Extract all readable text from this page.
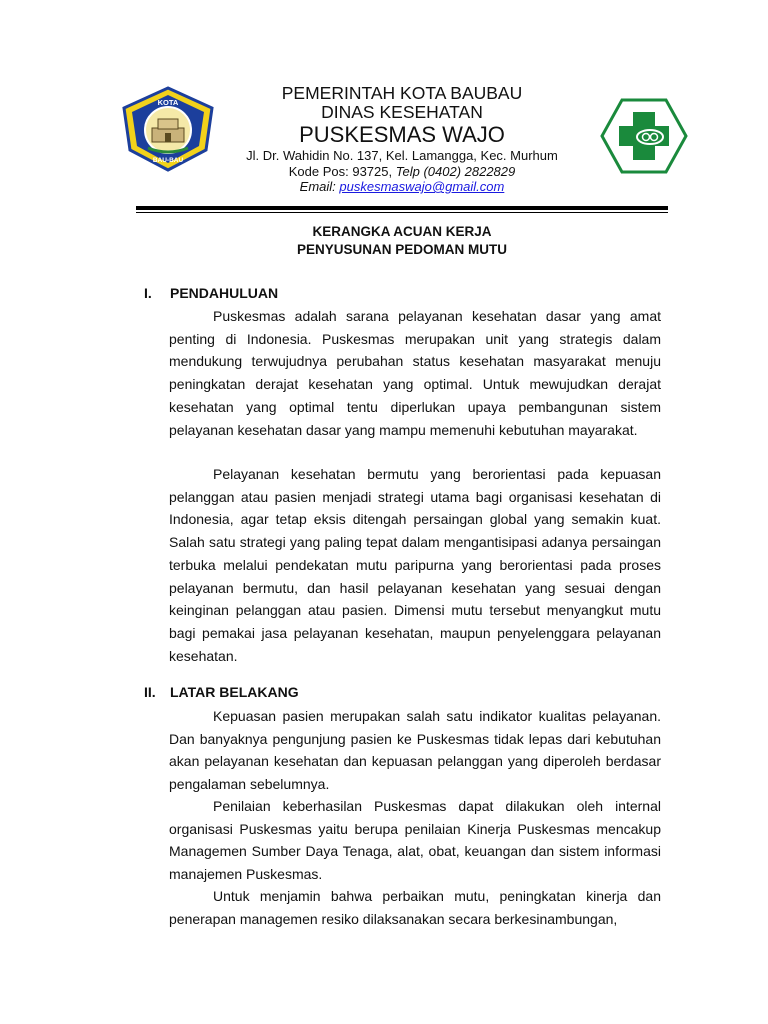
KOTA
BAU-BAU
PEMERINTAH KOTA BAUBAU
DINAS KESEHATAN
PUSKESMAS WAJO
Jl. Dr. Wahidin No. 137, Kel. Lamangga, Kec. Murhum
Kode Pos: 93725, Telp (0402) 2822829
Email: puskesmaswajo@gmail.com
KERANGKA ACUAN KERJA
PENYUSUNAN PEDOMAN MUTU
I. PENDAHULUAN

Puskesmas adalah sarana pelayanan kesehatan dasar yang amat penting di Indonesia. Puskesmas merupakan unit yang strategis dalam mendukung terwujudnya perubahan status kesehatan masyarakat menuju peningkatan derajat kesehatan yang optimal. Untuk mewujudkan derajat kesehatan yang optimal tentu diperlukan upaya pembangunan sistem pelayanan kesehatan dasar yang mampu memenuhi kebutuhan mayarakat.

Pelayanan kesehatan bermutu yang berorientasi pada kepuasan pelanggan atau pasien menjadi strategi utama bagi organisasi kesehatan di Indonesia, agar tetap eksis ditengah persaingan global yang semakin kuat. Salah satu strategi yang paling tepat dalam mengantisipasi adanya persaingan terbuka melalui pendekatan mutu paripurna yang berorientasi pada proses pelayanan bermutu, dan hasil pelayanan kesehatan yang sesuai dengan keinginan pelanggan atau pasien. Dimensi mutu tersebut menyangkut mutu bagi pemakai jasa pelayanan kesehatan, maupun penyelenggara pelayanan kesehatan.

II. LATAR BELAKANG

Kepuasan pasien merupakan salah satu indikator kualitas pelayanan. Dan banyaknya pengunjung pasien ke Puskesmas tidak lepas dari kebutuhan akan pelayanan kesehatan dan kepuasan pelanggan yang diperoleh berdasar pengalaman sebelumnya.

Penilaian keberhasilan Puskesmas dapat dilakukan oleh internal organisasi Puskesmas yaitu berupa penilaian Kinerja Puskesmas mencakup Managemen Sumber Daya Tenaga, alat, obat, keuangan dan sistem informasi manajemen Puskesmas.

Untuk menjamin bahwa perbaikan mutu, peningkatan kinerja dan penerapan managemen resiko dilaksanakan secara berkesinambungan,
